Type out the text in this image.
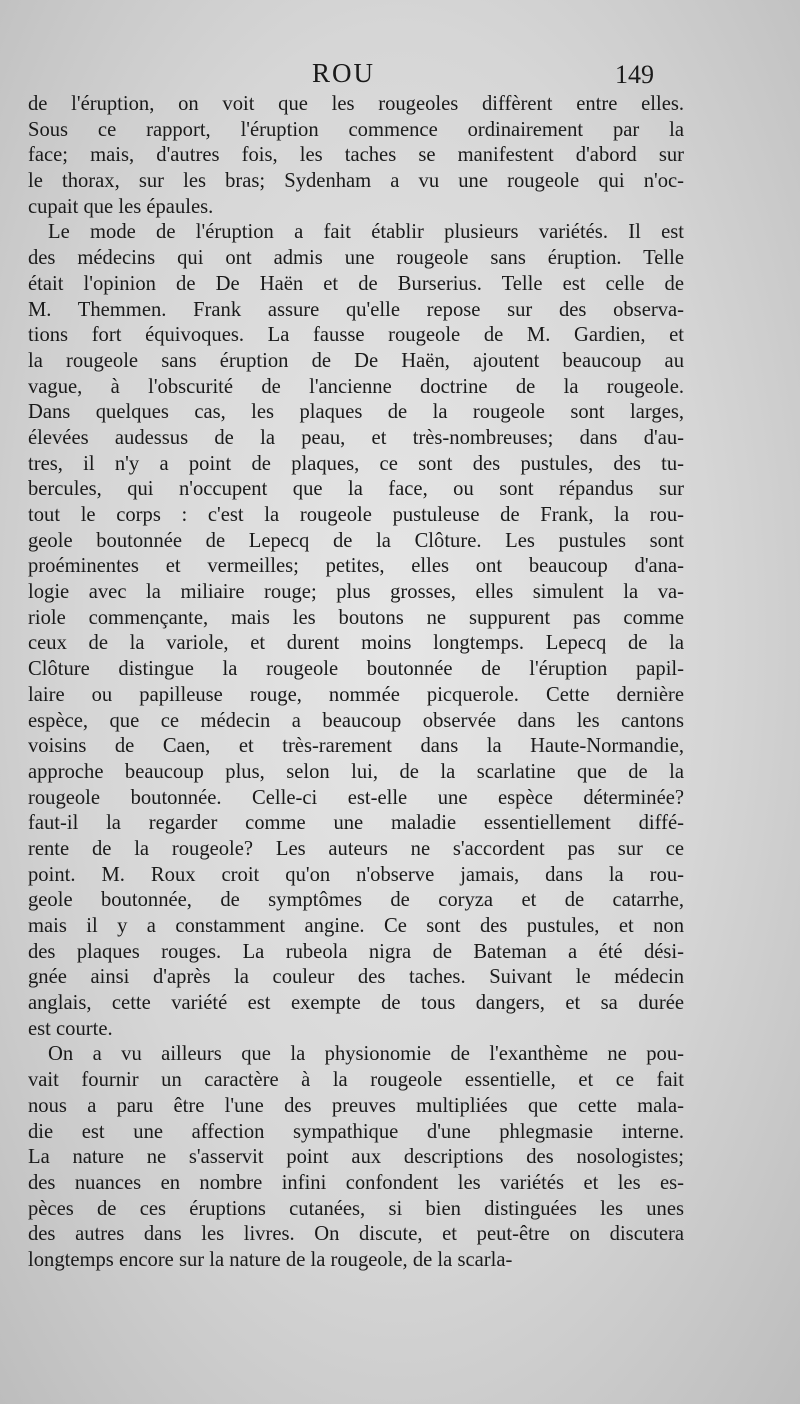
ROU	149
de l'éruption, on voit que les rougeoles diffèrent entre elles.
Sous ce rapport, l'éruption commence ordinairement par la
face; mais, d'autres fois, les taches se manifestent d'abord sur
le thorax, sur les bras; Sydenham a vu une rougeole qui n'oc-
cupait que les épaules.
Le mode de l'éruption a fait établir plusieurs variétés. Il est
des médecins qui ont admis une rougeole sans éruption. Telle
était l'opinion de De Haën et de Burserius. Telle est celle de
M. Themmen. Frank assure qu'elle repose sur des observa-
tions fort équivoques. La fausse rougeole de M. Gardien, et
la rougeole sans éruption de De Haën, ajoutent beaucoup au
vague, à l'obscurité de l'ancienne doctrine de la rougeole.
Dans quelques cas, les plaques de la rougeole sont larges,
élevées audessus de la peau, et très-nombreuses; dans d'au-
tres, il n'y a point de plaques, ce sont des pustules, des tu-
bercules, qui n'occupent que la face, ou sont répandus sur
tout le corps : c'est la rougeole pustuleuse de Frank, la rou-
geole boutonnée de Lepecq de la Clôture. Les pustules sont
proéminentes et vermeilles; petites, elles ont beaucoup d'ana-
logie avec la miliaire rouge; plus grosses, elles simulent la va-
riole commençante, mais les boutons ne suppurent pas comme
ceux de la variole, et durent moins longtemps. Lepecq de la
Clôture distingue la rougeole boutonnée de l'éruption papil-
laire ou papilleuse rouge, nommée picquerole. Cette dernière
espèce, que ce médecin a beaucoup observée dans les cantons
voisins de Caen, et très-rarement dans la Haute-Normandie,
approche beaucoup plus, selon lui, de la scarlatine que de la
rougeole boutonnée. Celle-ci est-elle une espèce déterminée?
faut-il la regarder comme une maladie essentiellement diffé-
rente de la rougeole? Les auteurs ne s'accordent pas sur ce
point. M. Roux croit qu'on n'observe jamais, dans la rou-
geole boutonnée, de symptômes de coryza et de catarrhe,
mais il y a constamment angine. Ce sont des pustules, et non
des plaques rouges. La rubeola nigra de Bateman a été dési-
gnée ainsi d'après la couleur des taches. Suivant le médecin
anglais, cette variété est exempte de tous dangers, et sa durée
est courte.
On a vu ailleurs que la physionomie de l'exanthème ne pou-
vait fournir un caractère à la rougeole essentielle, et ce fait
nous a paru être l'une des preuves multipliées que cette mala-
die est une affection sympathique d'une phlegmasie interne.
La nature ne s'asservit point aux descriptions des nosologistes;
des nuances en nombre infini confondent les variétés et les es-
pèces de ces éruptions cutanées, si bien distinguées les unes
des autres dans les livres. On discute, et peut-être on discutera
longtemps encore sur la nature de la rougeole, de la scarla-
